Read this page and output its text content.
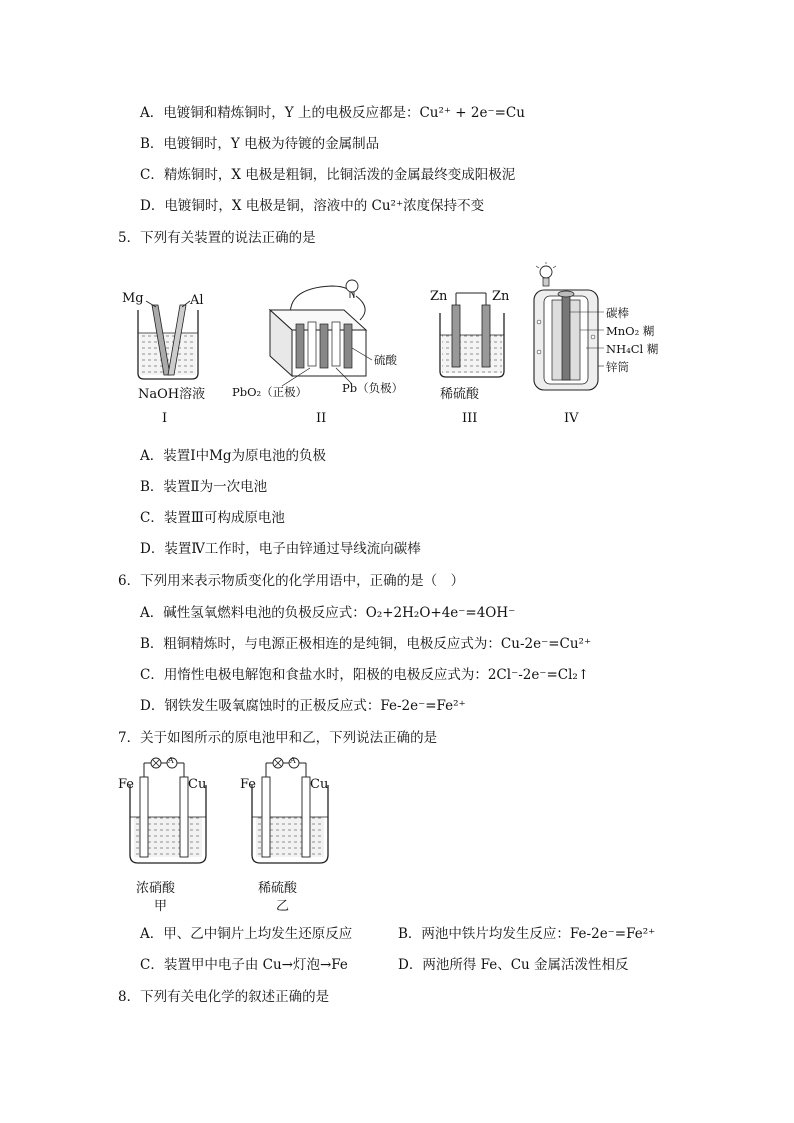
A．电镀铜和精炼铜时，Y 上的电极反应都是：Cu²⁺ + 2e⁻=Cu
B．电镀铜时，Y 电极为待镀的金属制品
C．精炼铜时，X 电极是粗铜，比铜活泼的金属最终变成阳极泥
D．电镀铜时，X 电极是铜，溶液中的 Cu²⁺浓度保持不变
5．下列有关装置的说法正确的是
Mg	Al
NaOH溶液
I
硫酸
PbO₂（正极）	Pb（负极）
II
Zn	Zn
稀硫酸
III
碳棒
MnO₂ 糊
NH₄Cl 糊
锌筒
IV
A．装置Ⅰ中Mg为原电池的负极
B．装置Ⅱ为一次电池
C．装置Ⅲ可构成原电池
D．装置Ⅳ工作时，电子由锌通过导线流向碳棒
6．下列用来表示物质变化的化学用语中，正确的是（　）
A．碱性氢氧燃料电池的负极反应式：O₂+2H₂O+4e⁻=4OH⁻
B．粗铜精炼时，与电源正极相连的是纯铜，电极反应式为：Cu-2e⁻=Cu²⁺
C．用惰性电极电解饱和食盐水时，阳极的电极反应式为：2Cl⁻-2e⁻=Cl₂↑
D．钢铁发生吸氧腐蚀时的正极反应式：Fe-2e⁻=Fe²⁺
7．关于如图所示的原电池甲和乙，下列说法正确的是
A
Fe	Cu
浓硝酸
甲
A
Fe	Cu
稀硫酸
乙
A．甲、乙中铜片上均发生还原反应	B．两池中铁片均发生反应：Fe-2e⁻=Fe²⁺
C．装置甲中电子由 Cu→灯泡→Fe	D．两池所得 Fe、Cu 金属活泼性相反
8．下列有关电化学的叙述正确的是
